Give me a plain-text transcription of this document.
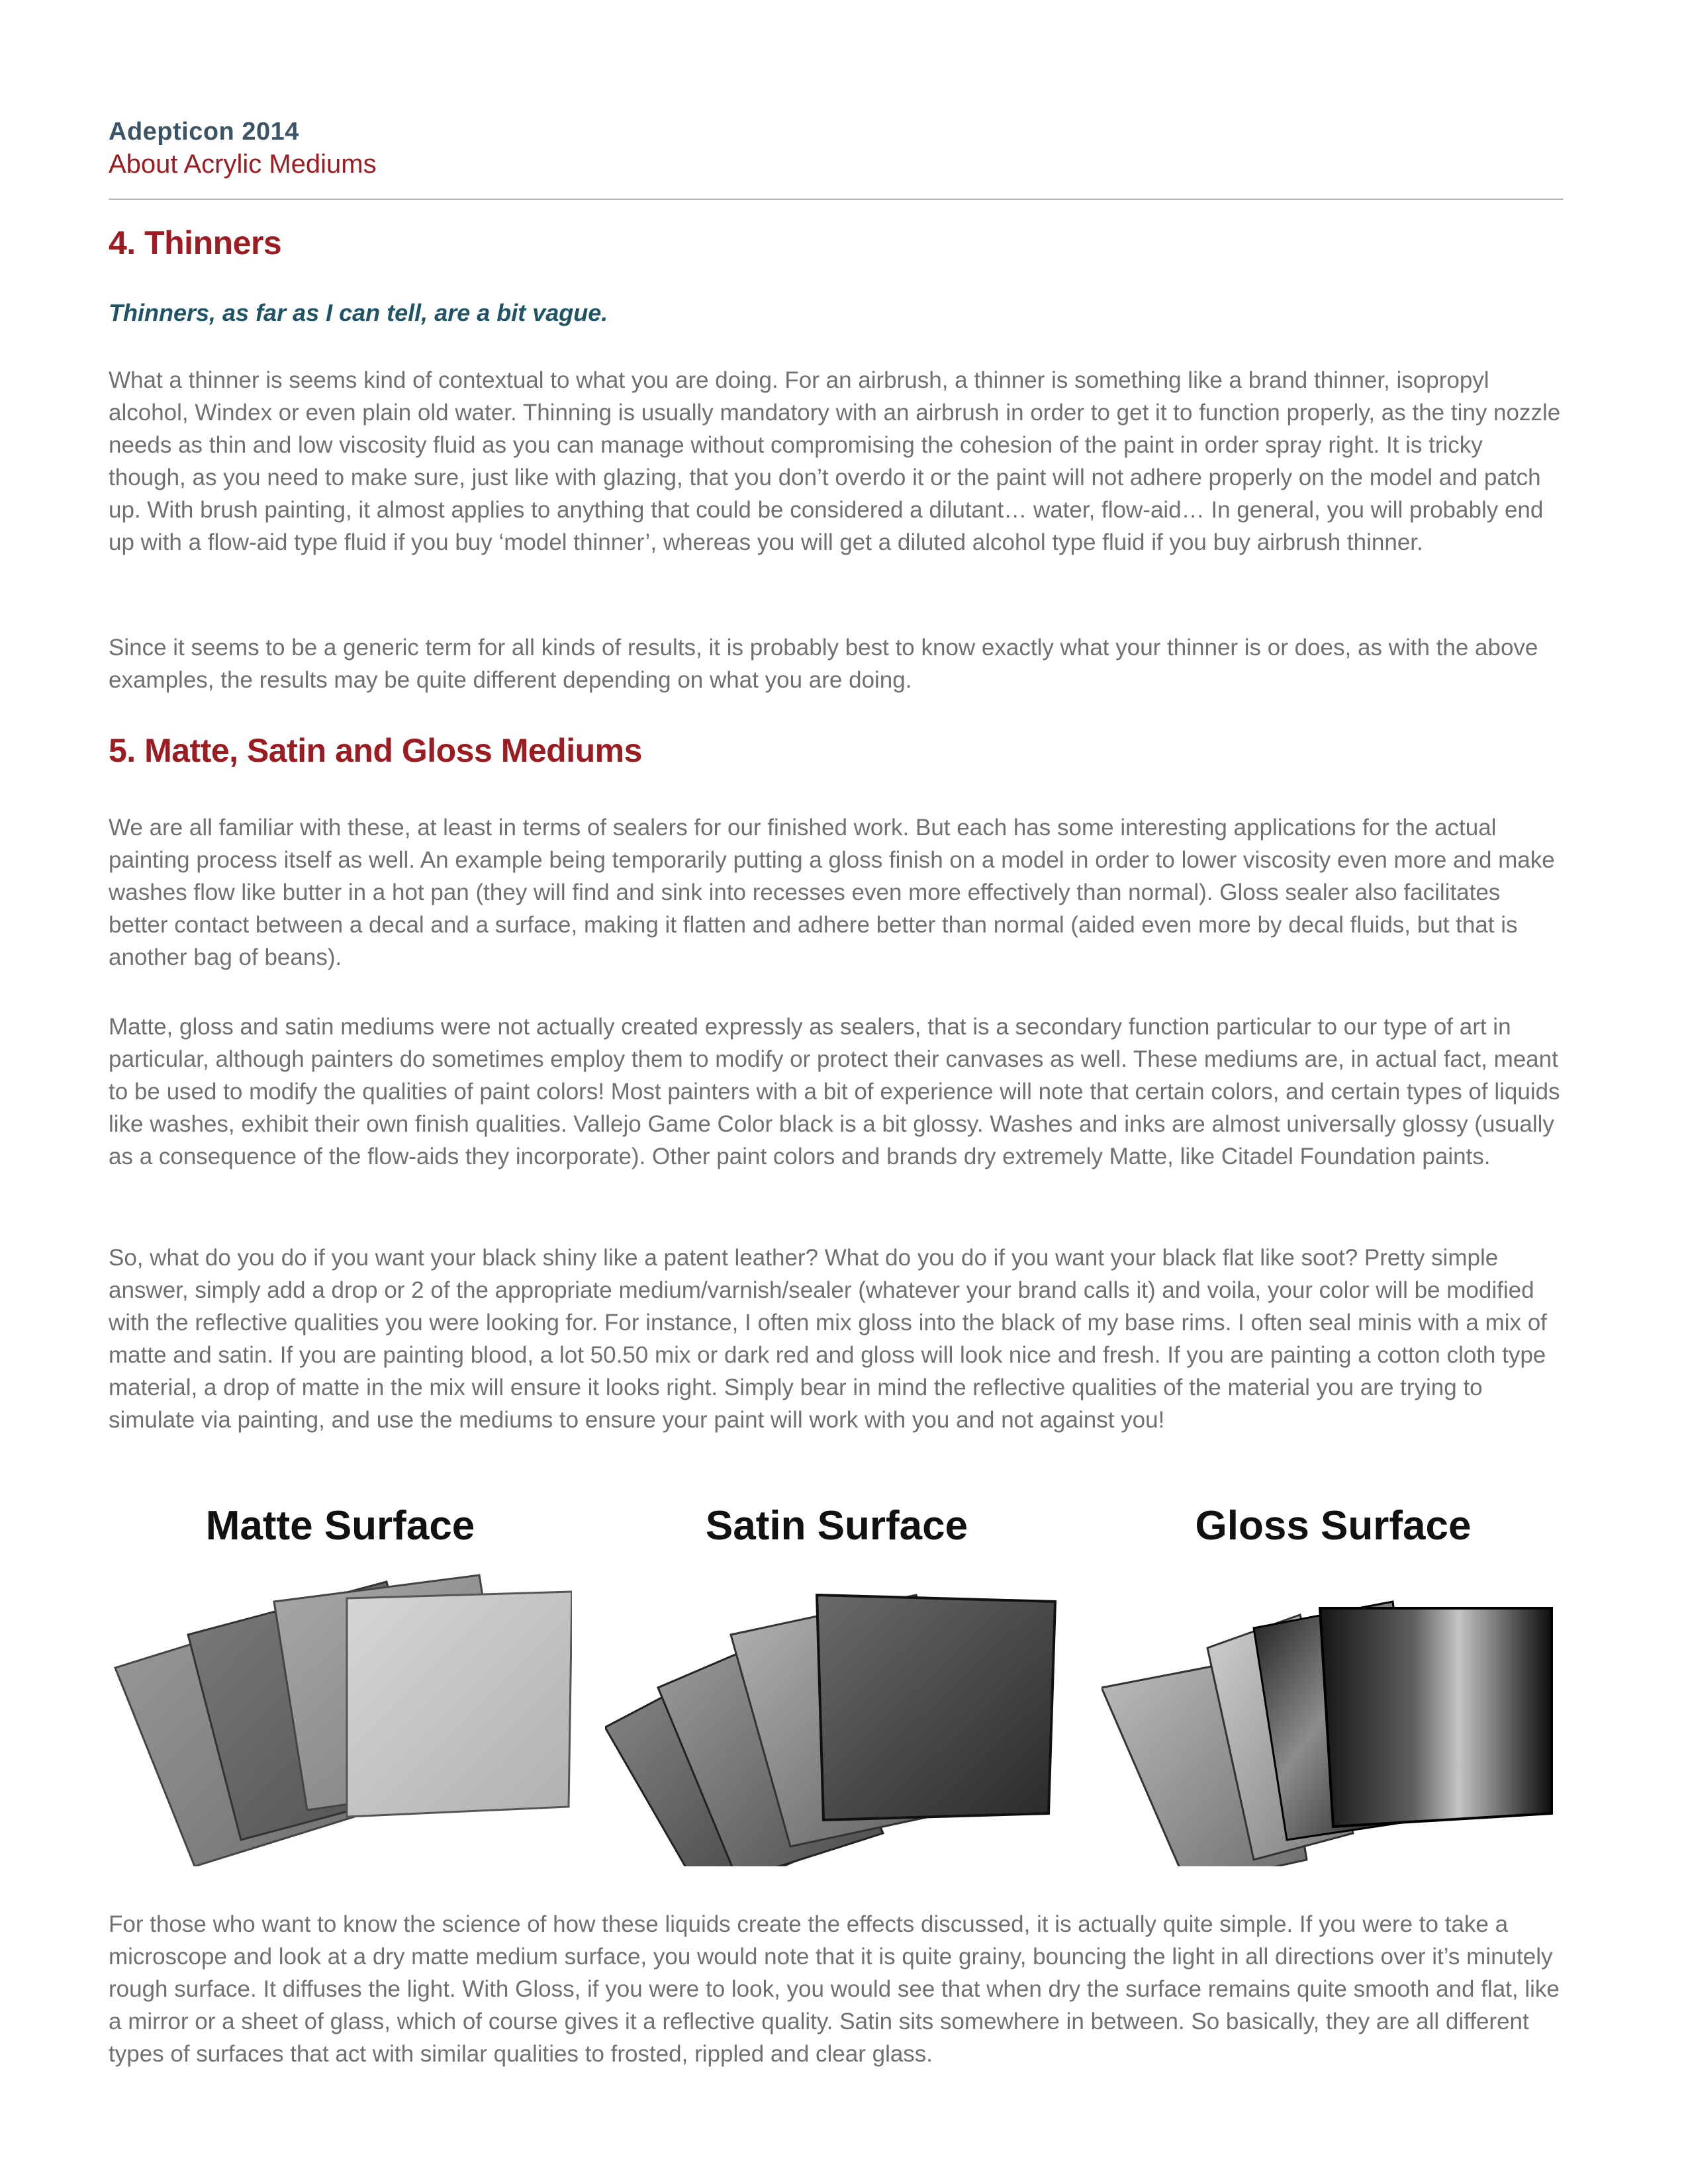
Adepticon 2014
About Acrylic Mediums
4. Thinners
Thinners, as far as I can tell, are a bit vague.

What a thinner is seems kind of contextual to what you are doing. For an airbrush, a thinner is something like a brand thinner, isopropyl alcohol, Windex or even plain old water. Thinning is usually mandatory with an airbrush in order to get it to function properly, as the tiny nozzle needs as thin and low viscosity fluid as you can manage without compromising the cohesion of the paint in order spray right. It is tricky though, as you need to make sure, just like with glazing, that you don’t overdo it or the paint will not adhere properly on the model and patch up. With brush painting, it almost applies to anything that could be considered a dilutant… water, flow-aid… In general, you will probably end up with a flow-aid type fluid if you buy ‘model thinner’, whereas you will get a diluted alcohol type fluid if you buy airbrush thinner.

Since it seems to be a generic term for all kinds of results, it is probably best to know exactly what your thinner is or does, as with the above examples, the results may be quite different depending on what you are doing.

5. Matte, Satin and Gloss Mediums

We are all familiar with these, at least in terms of sealers for our finished work. But each has some interesting applications for the actual painting process itself as well. An example being temporarily putting a gloss finish on a model in order to lower viscosity even more and make washes flow like butter in a hot pan (they will find and sink into recesses even more effectively than normal). Gloss sealer also facilitates better contact between a decal and a surface, making it flatten and adhere better than normal (aided even more by decal fluids, but that is another bag of beans).

Matte, gloss and satin mediums were not actually created expressly as sealers, that is a secondary function particular to our type of art in particular, although painters do sometimes employ them to modify or protect their canvases as well. These mediums are, in actual fact, meant to be used to modify the qualities of paint colors! Most painters with a bit of experience will note that certain colors, and certain types of liquids like washes, exhibit their own finish qualities. Vallejo Game Color black is a bit glossy. Washes and inks are almost universally glossy (usually as a consequence of the flow-aids they incorporate). Other paint colors and brands dry extremely Matte, like Citadel Foundation paints.

So, what do you do if you want your black shiny like a patent leather? What do you do if you want your black flat like soot? Pretty simple answer, simply add a drop or 2 of the appropriate medium/varnish/sealer (whatever your brand calls it) and voila, your color will be modified with the reflective qualities you were looking for. For instance, I often mix gloss into the black of my base rims. I often seal minis with a mix of matte and satin. If you are painting blood, a lot 50.50 mix or dark red and gloss will look nice and fresh. If you are painting a cotton cloth type material, a drop of matte in the mix will ensure it looks right. Simply bear in mind the reflective qualities of the material you are trying to simulate via painting, and use the mediums to ensure your paint will work with you and not against you!

Matte Surface	Satin Surface	Gloss Surface

For those who want to know the science of how these liquids create the effects discussed, it is actually quite simple. If you were to take a microscope and look at a dry matte medium surface, you would note that it is quite grainy, bouncing the light in all directions over it’s minutely rough surface. It diffuses the light. With Gloss, if you were to look, you would see that when dry the surface remains quite smooth and flat, like a mirror or a sheet of glass, which of course gives it a reflective quality. Satin sits somewhere in between. So basically, they are all different types of surfaces that act with similar qualities to frosted, rippled and clear glass.
